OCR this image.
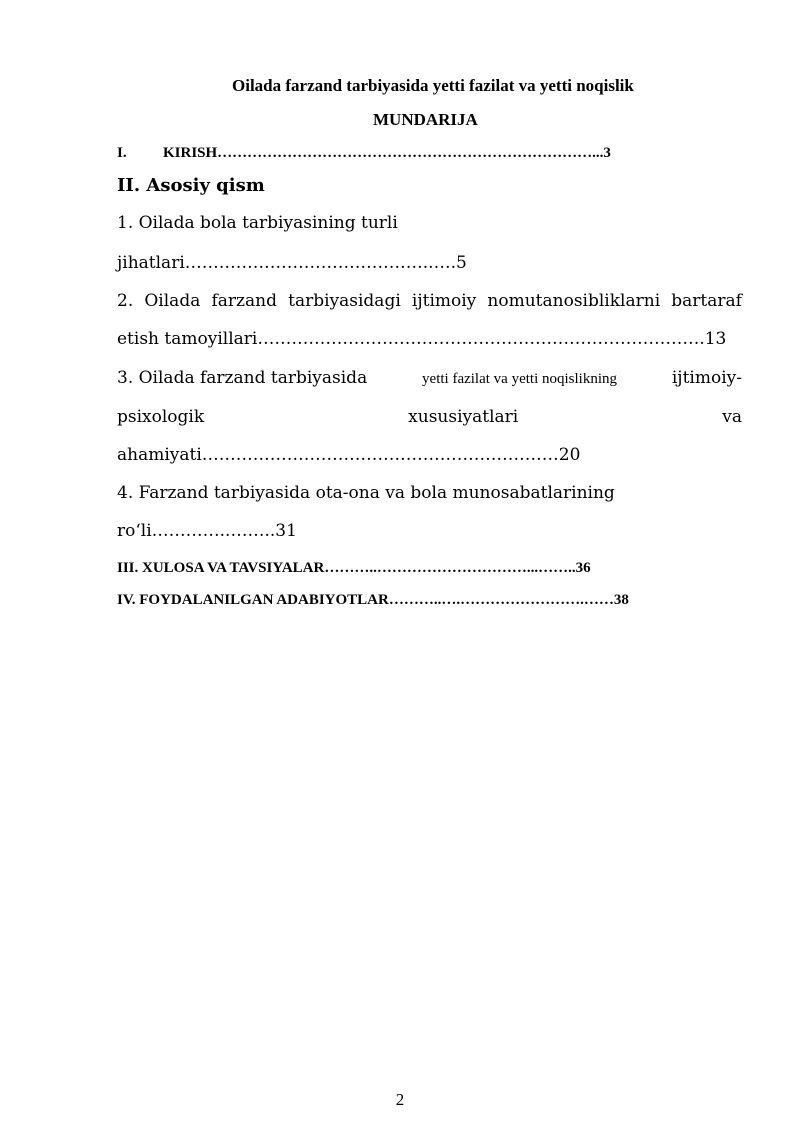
Oilada farzand tarbiyasida yetti fazilat va yetti noqislik
MUNDARIJA
I. KIRISH…………………………………………………………………...3
II. Asosiy qism
1. Oilada bola tarbiyasining turli
jihatlari……………………………………..….5
2. Oilada farzand tarbiyasidagi ijtimoiy nomutanosibliklarni bartaraf
etish tamoyillari…………………………………………………………………….13
3. Oilada farzand tarbiyasida	yetti fazilat va yetti noqislikning	ijtimoiy-
psixologik	xususiyatlari	va
ahamiyati………………………………………………………20
4. Farzand tarbiyasida ota-ona va bola munosabatlarining
roʻli…………..……..31
III. XULOSA VA TAVSIYALAR………..…………………………...……..36
IV. FOYDALANILGAN ADABIYOTLAR………..….…………………….……38
2
